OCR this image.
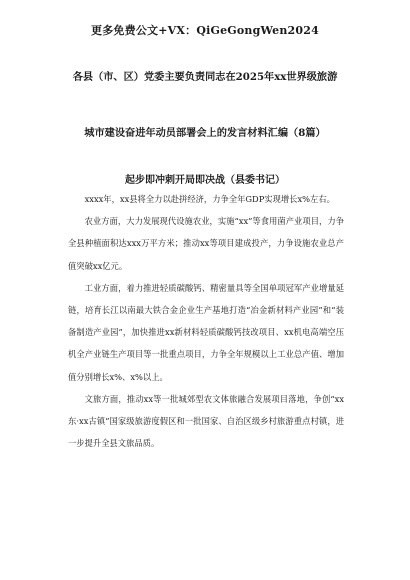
更多免费公文+VX：QiGeGongWen2024
各县（市、区）党委主要负责同志在2025年xx世界级旅游
城市建设奋进年动员部署会上的发言材料汇编（8篇）
起步即冲刺开局即决战（县委书记）

xxxx年，xx县将全力以赴拼经济，力争全年GDP实现增长x%左右。

农业方面，大力发展现代设施农业，实施“xx”等食用菌产业项目，力争全县种植面积达xxx万平方米；推动xx等项目建成投产，力争设施农业总产值突破xx亿元。

工业方面，着力推进轻质碳酸钙、精密量具等全国单项冠军产业增量延链，培育长江以南最大铁合金企业生产基地打造“冶金新材料产业园”和“装备制造产业园”，加快推进xx新材料轻质碳酸钙技改项目、xx机电高端空压机全产业链生产项目等一批重点项目，力争全年规模以上工业总产值、增加值分别增长x%、x%以上。

文旅方面，推动xx等一批城郊型农文体旅融合发展项目落地，争创“xx东·xx古镇”国家级旅游度假区和一批国家、自治区级乡村旅游重点村镇，进一步提升全县文旅品质。
